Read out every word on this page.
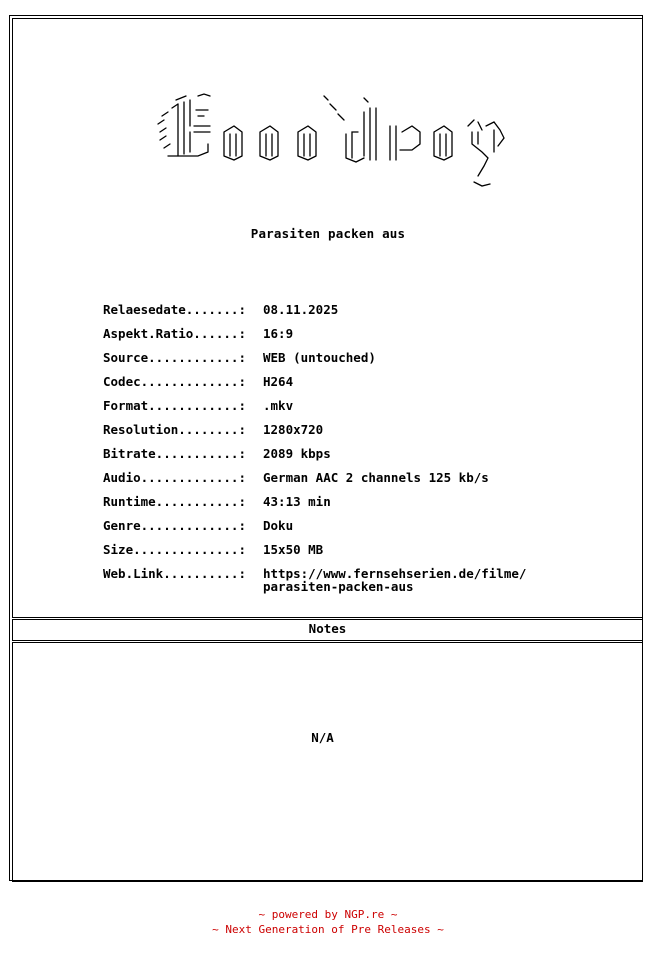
Parasiten packen aus
Relaesedate.......:	08.11.2025
Aspekt.Ratio......:	16:9
Source............:	WEB (untouched)
Codec.............:	H264
Format............:	.mkv
Resolution........:	1280x720
Bitrate...........:	2089 kbps
Audio.............:	German AAC 2 channels 125 kb/s
Runtime...........:	43:13 min
Genre.............:	Doku
Size..............:	15x50 MB
Web.Link..........:	https://www.fernsehserien.de/filme/
parasiten-packen-aus
Notes
N/A
~ powered by NGP.re ~
~ Next Generation of Pre Releases ~
